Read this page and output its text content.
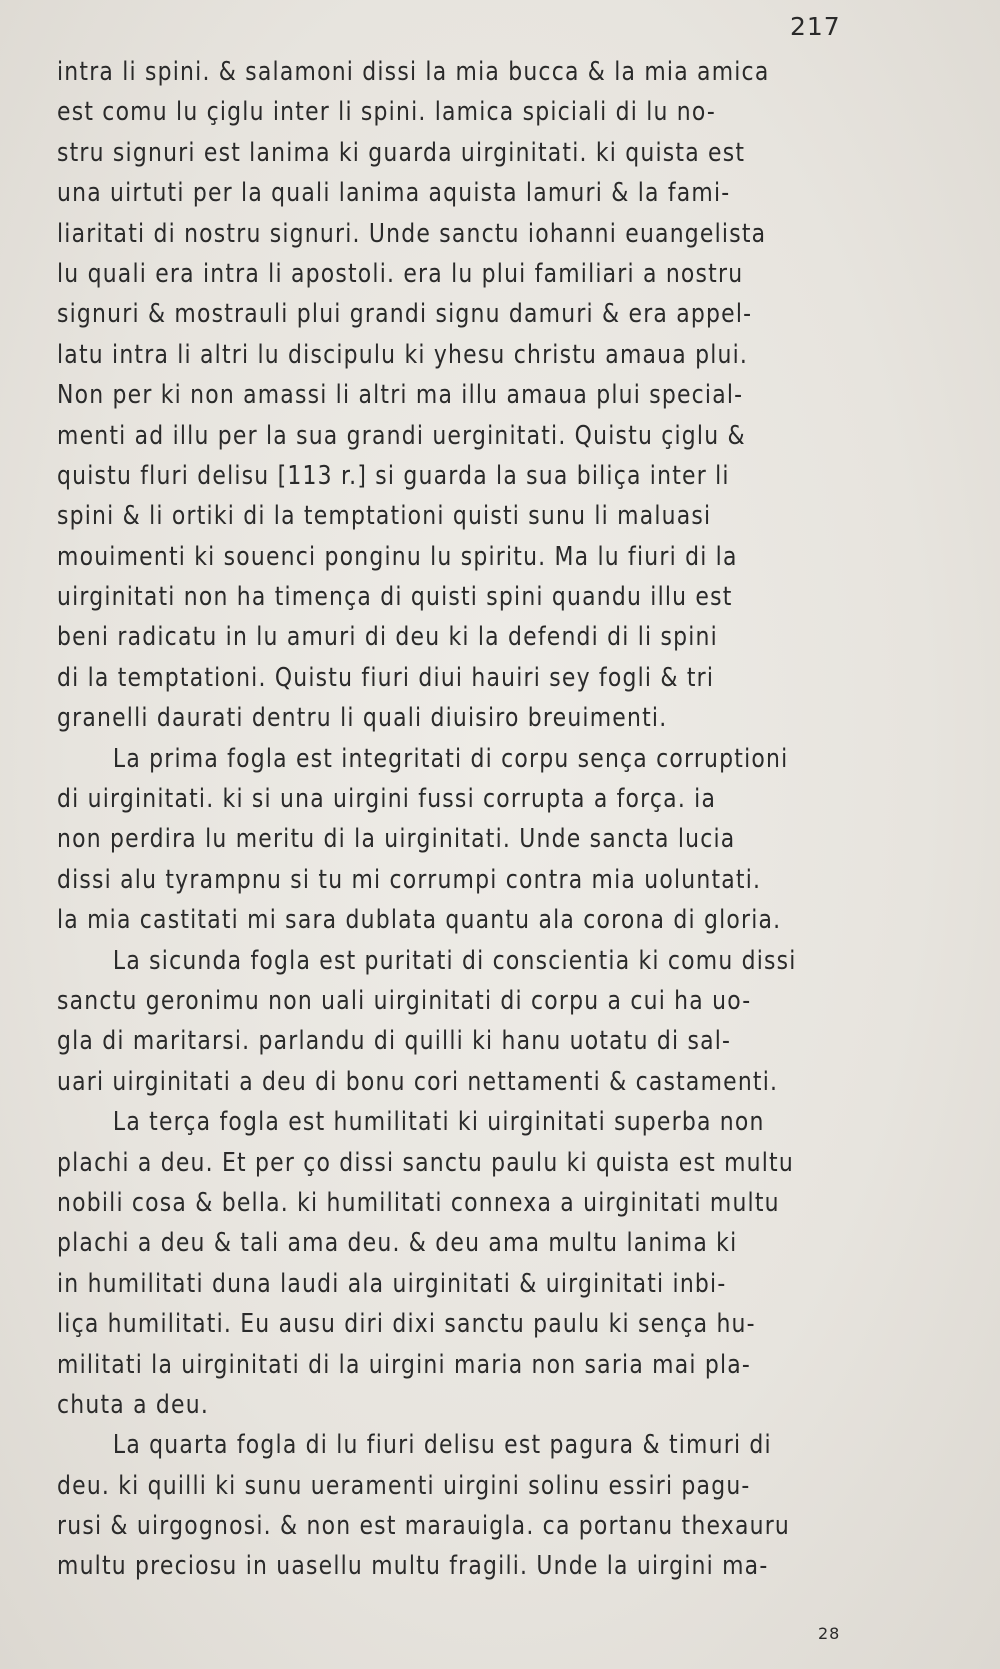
217
intra li spini. & salamoni dissi la mia bucca & la mia amica
est comu lu çiglu inter li spini. lamica spiciali di lu no-
stru signuri est lanima ki guarda uirginitati. ki quista est
una uirtuti per la quali lanima aquista lamuri & la fami-
liaritati di nostru signuri. Unde sanctu iohanni euangelista
lu quali era intra li apostoli. era lu plui familiari a nostru
signuri & mostrauli plui grandi signu damuri & era appel-
latu intra li altri lu discipulu ki yhesu christu amaua plui.
Non per ki non amassi li altri ma illu amaua plui special-
menti ad illu per la sua grandi uerginitati. Quistu çiglu &
quistu fluri delisu [113 r.] si guarda la sua biliça inter li
spini & li ortiki di la temptationi quisti sunu li maluasi
mouimenti ki souenci ponginu lu spiritu. Ma lu fiuri di la
uirginitati non ha timença di quisti spini quandu illu est
beni radicatu in lu amuri di deu ki la defendi di li spini
di la temptationi. Quistu fiuri diui hauiri sey fogli & tri
granelli daurati dentru li quali diuisiro breuimenti.
La prima fogla est integritati di corpu sença corruptioni
di uirginitati. ki si una uirgini fussi corrupta a força. ia
non perdira lu meritu di la uirginitati. Unde sancta lucia
dissi alu tyrampnu si tu mi corrumpi contra mia uoluntati.
la mia castitati mi sara dublata quantu ala corona di gloria.
La sicunda fogla est puritati di conscientia ki comu dissi
sanctu geronimu non uali uirginitati di corpu a cui ha uo-
gla di maritarsi. parlandu di quilli ki hanu uotatu di sal-
uari uirginitati a deu di bonu cori nettamenti & castamenti.
La terça fogla est humilitati ki uirginitati superba non
plachi a deu. Et per ço dissi sanctu paulu ki quista est multu
nobili cosa & bella. ki humilitati connexa a uirginitati multu
plachi a deu & tali ama deu. & deu ama multu lanima ki
in humilitati duna laudi ala uirginitati & uirginitati inbi-
liça humilitati. Eu ausu diri dixi sanctu paulu ki sença hu-
militati la uirginitati di la uirgini maria non saria mai pla-
chuta a deu.
La quarta fogla di lu fiuri delisu est pagura & timuri di
deu. ki quilli ki sunu ueramenti uirgini solinu essiri pagu-
rusi & uirgognosi. & non est marauigla. ca portanu thexauru
multu preciosu in uasellu multu fragili. Unde la uirgini ma-
28
